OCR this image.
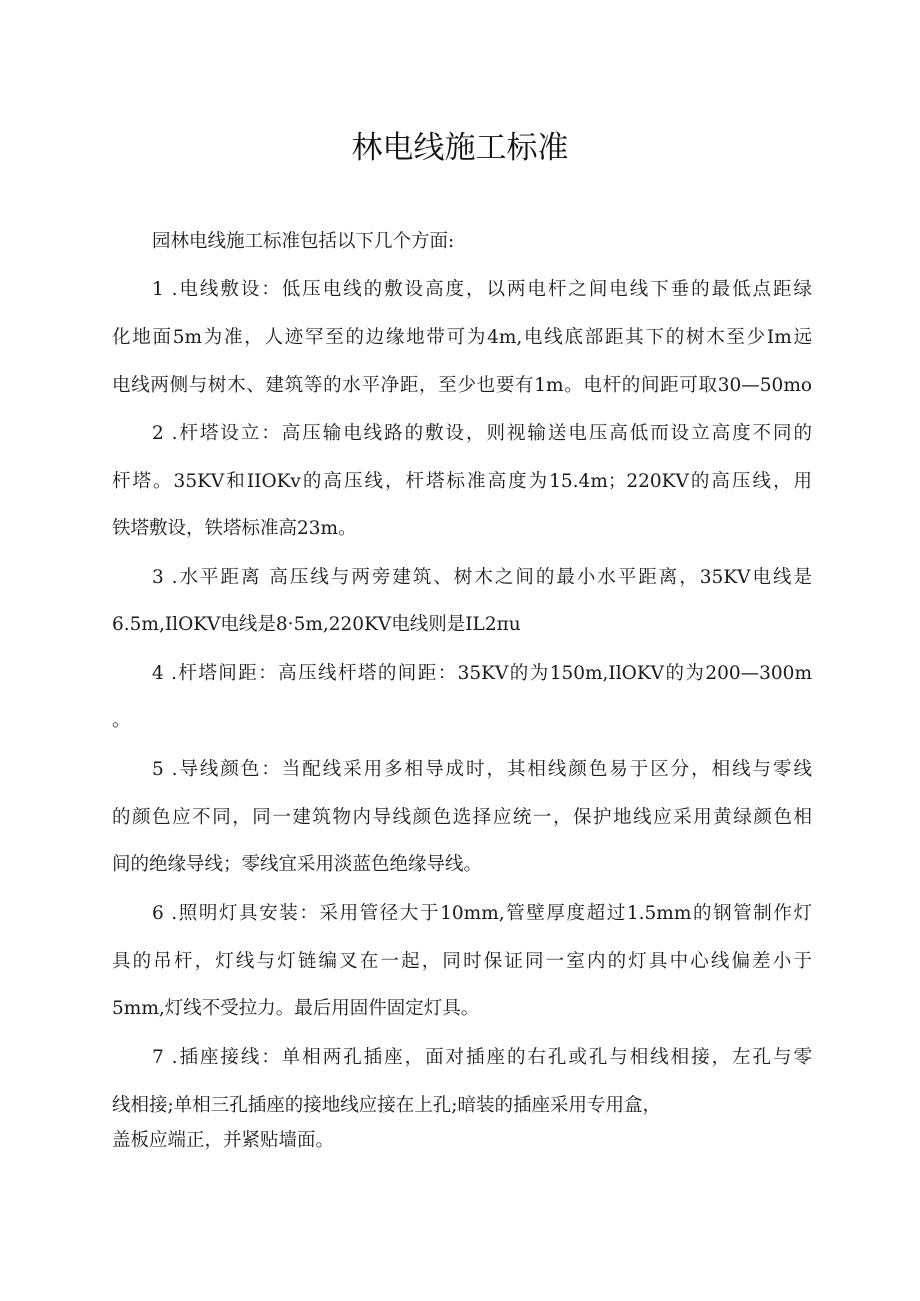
林电线施工标准

园林电线施工标准包括以下几个方面:

1 .电线敷设：低压电线的敷设高度，以两电杆之间电线下垂的最低点距绿

化地面5m为准，人迹罕至的边缘地带可为4m,电线底部距其下的树木至少Im远

电线两侧与树木、建筑等的水平净距，至少也要有1m。电杆的间距可取30—50mo

2 .杆塔设立：高压输电线路的敷设，则视输送电压高低而设立高度不同的

杆塔。35KV和IIOKv的高压线，杆塔标准高度为15.4m；220KV的高压线，用

铁塔敷设，铁塔标准高23m。

3 .水平距离 高压线与两旁建筑、树木之间的最小水平距离，35KV电线是

6.5m,IlOKV电线是8·5m,220KV电线则是IL2πu

4 .杆塔间距：高压线杆塔的间距：35KV的为150m,IlOKV的为200—300m

。

5 .导线颜色：当配线采用多相导成时，其相线颜色易于区分，相线与零线

的颜色应不同，同一建筑物内导线颜色选择应统一，保护地线应采用黄绿颜色相

间的绝缘导线；零线宜采用淡蓝色绝缘导线。

6 .照明灯具安装：采用管径大于10mm,管壁厚度超过1.5mm的钢管制作灯

具的吊杆，灯线与灯链编叉在一起，同时保证同一室内的灯具中心线偏差小于

5mm,灯线不受拉力。最后用固件固定灯具。

7 .插座接线：单相两孔插座，面对插座的右孔或孔与相线相接，左孔与零

线相接;单相三孔插座的接地线应接在上孔;暗装的插座采用专用盒，

盖板应端正，并紧贴墙面。
